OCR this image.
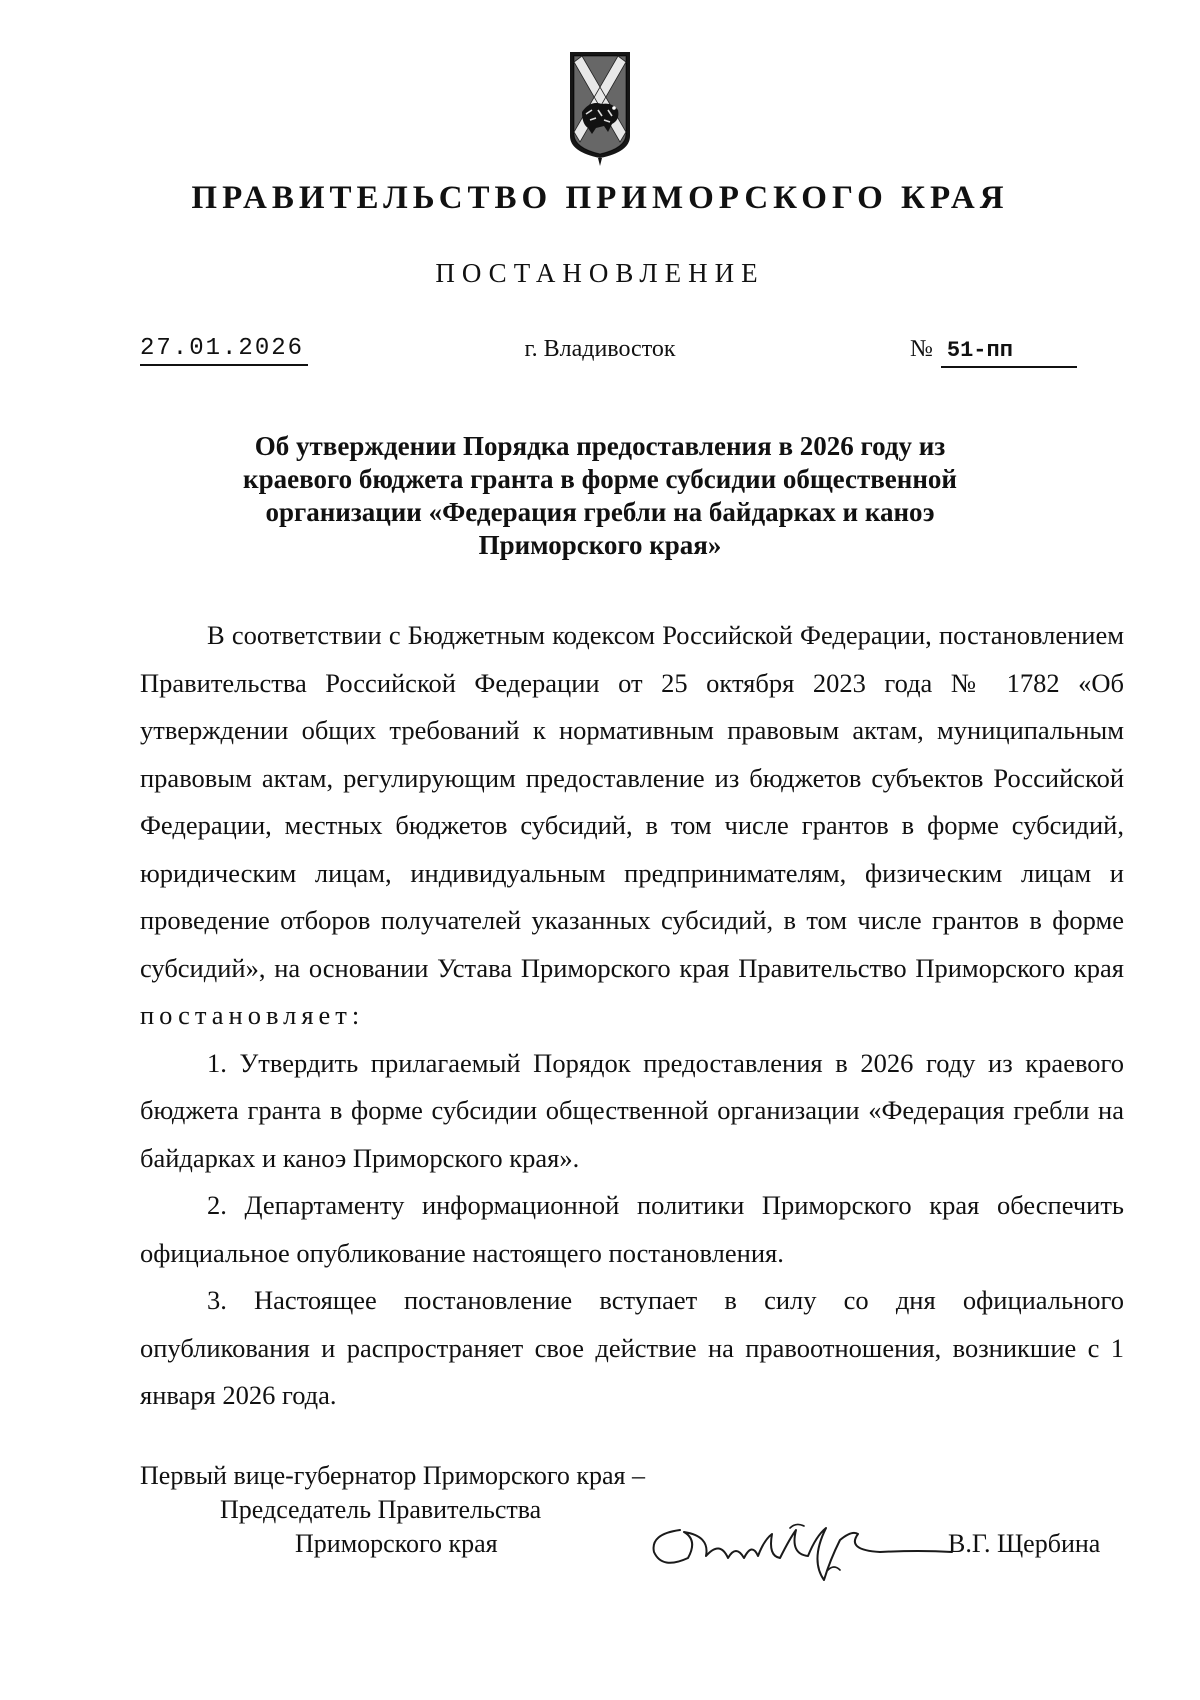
ПРАВИТЕЛЬСТВО ПРИМОРСКОГО КРАЯ
ПОСТАНОВЛЕНИЕ
27.01.2026	г. Владивосток	№ 51-пп
Об утверждении Порядка предоставления в 2026 году из краевого бюджета гранта в форме субсидии общественной организации «Федерация гребли на байдарках и каноэ Приморского края»

В соответствии с Бюджетным кодексом Российской Федерации, постановлением Правительства Российской Федерации от 25 октября 2023 года № 1782 «Об утверждении общих требований к нормативным правовым актам, муниципальным правовым актам, регулирующим предоставление из бюджетов субъектов Российской Федерации, местных бюджетов субсидий, в том числе грантов в форме субсидий, юридическим лицам, индивидуальным предпринимателям, физическим лицам и проведение отборов получателей указанных субсидий, в том числе грантов в форме субсидий», на основании Устава Приморского края Правительство Приморского края постановляет:

1. Утвердить прилагаемый Порядок предоставления в 2026 году из краевого бюджета гранта в форме субсидии общественной организации «Федерация гребли на байдарках и каноэ Приморского края».

2. Департаменту информационной политики Приморского края обеспечить официальное опубликование настоящего постановления.

3. Настоящее постановление вступает в силу со дня официального опубликования и распространяет свое действие на правоотношения, возникшие с 1 января 2026 года.

Первый вице-губернатор Приморского края –
Председатель Правительства
Приморского края	В.Г. Щербина
